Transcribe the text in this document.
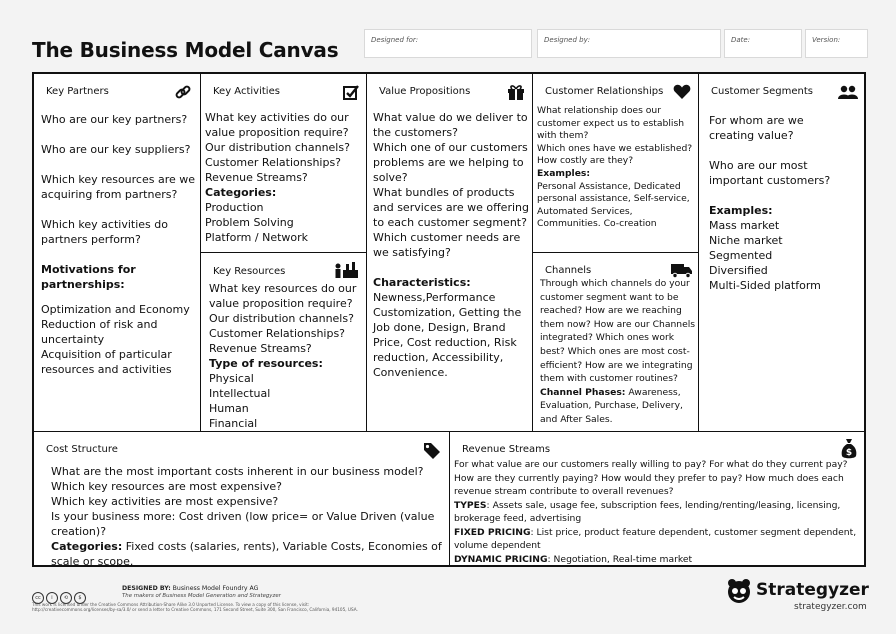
The Business Model Canvas	Designed for:	Designed by:	Date:	Version:
Key Partners

Who are our key partners?

Who are our key suppliers?

Which key resources are we acquiring from partners?

Which key activities do partners perform?

Motivations for partnerships:

Optimization and Economy

Reduction of risk and uncertainty

Acquisition of particular resources and activities

Key Activities

What key activities do our value proposition require?

Our distribution channels?

Customer Relationships?

Revenue Streams?

Categories:

Production

Problem Solving

Platform / Network

Key Resources

What key resources do our value proposition require?

Our distribution channels?

Customer Relationships?

Revenue Streams?

Type of resources:

Physical

Intellectual

Human

Financial

Value Propositions

What value do we deliver to the customers?

Which one of our customers problems are we helping to solve?

What bundles of products and services are we offering to each customer segment?

Which customer needs are we satisfying?

Characteristics:

Newness,Performance Customization, Getting the Job done, Design, Brand Price, Cost reduction, Risk reduction, Accessibility, Convenience.

Customer Relationships

What relationship does our customer expect us to establish with them?

Which ones have we established?

How costly are they?

Examples:

Personal Assistance, Dedicated personal assistance, Self-service, Automated Services, Communities. Co-creation

Channels

Through which channels do your customer segment want to be reached? How are we reaching them now? How are our Channels integrated? Which ones work best? Which ones are most cost-efficient? How are we integrating them with customer routines?

Channel Phases: Awareness, Evaluation, Purchase, Delivery, and After Sales.

Customer Segments

For whom are we creating value?

Who are our most important customers?

Examples:

Mass market

Niche market

Segmented

Diversified

Multi-Sided platform

Cost Structure

What are the most important costs inherent in our business model?

Which key resources are most expensive?

Which key activities are most expensive?

Is your business more: Cost driven (low price= or Value Driven (value creation)?

Categories: Fixed costs (salaries, rents), Variable Costs, Economies of scale or scope.

Revenue Streams	$

For what value are our customers really willing to pay? For what do they current pay?

How are they currently paying? How would they prefer to pay? How much does each revenue stream contribute to overall revenues?

TYPES: Assets sale, usage fee, subscription fees, lending/renting/leasing, licensing, brokerage feed, advertising

FIXED PRICING: List price, product feature dependent, customer segment dependent, volume dependent

DYNAMIC PRICING: Negotiation, Real-time market

cc i ⟲ $
DESIGNED BY: Business Model Foundry AG
The makers of Business Model Generation and Strategyzer
This work is licensed under the Creative Commons Attribution-Share Alike 3.0 Unported License. To view a copy of this license, visit:
http://creativecommons.org/licenses/by-sa/3.0/ or send a letter to Creative Commons, 171 Second Street, Suite 300, San Francisco, California, 94105, USA.
Strategyzer
strategyzer.com
